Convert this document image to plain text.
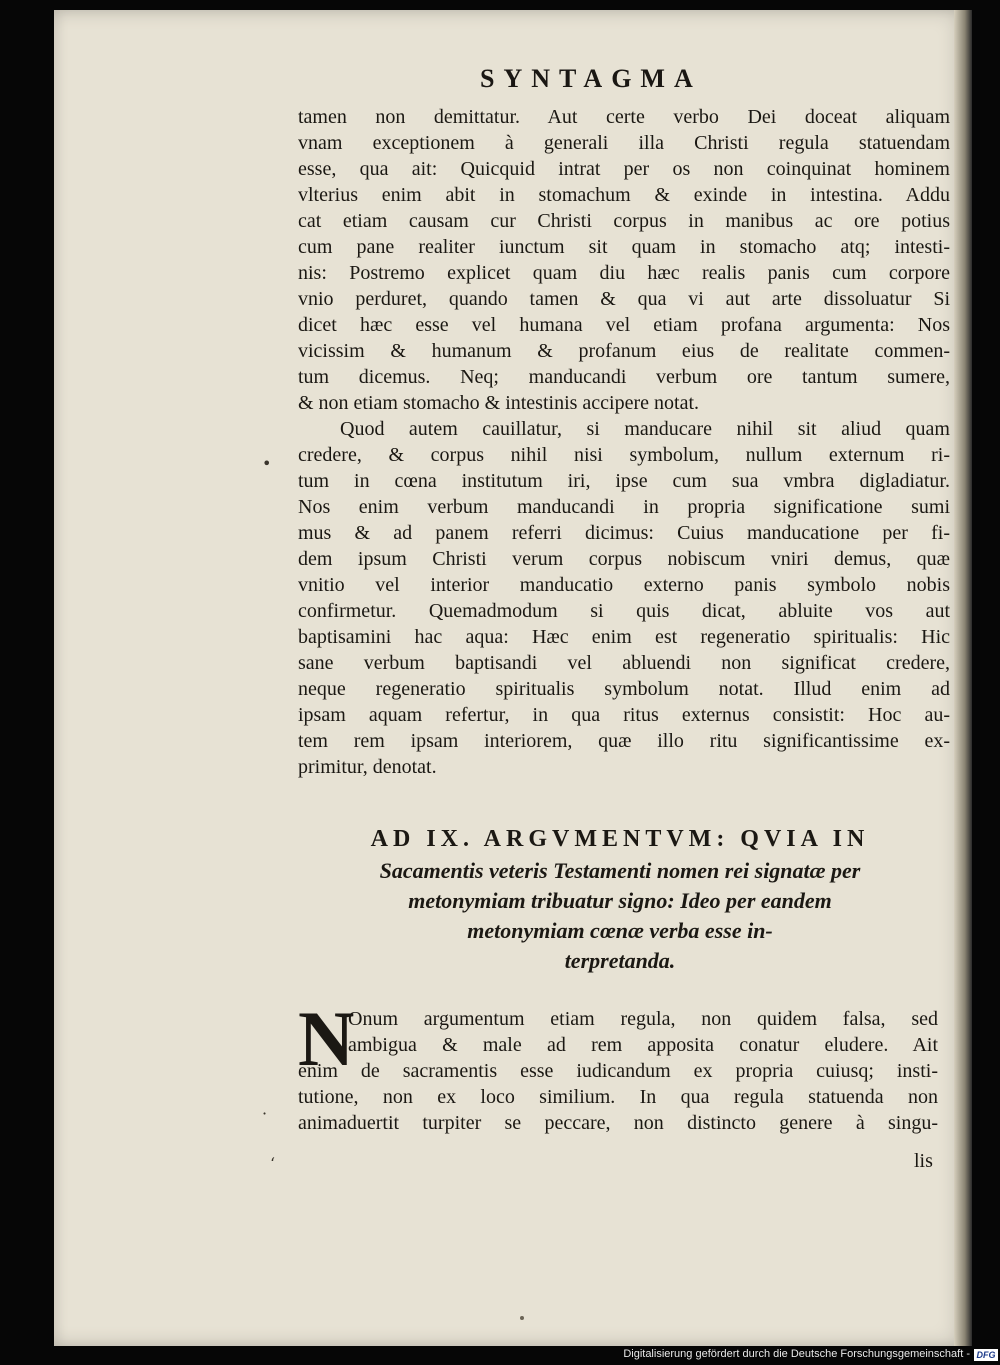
SYNTAGMA
tamen non demittatur. Aut certe verbo Dei doceat aliquam
vnam exceptionem à generali illa Christi regula statuendam
esse, qua ait: Quicquid intrat per os non coinquinat hominem
vlterius enim abit in stomachum & exinde in intestina. Addu
cat etiam causam cur Christi corpus in manibus ac ore potius
cum pane realiter iunctum sit quam in stomacho atq; intesti-
nis: Postremo explicet quam diu hæc realis panis cum corpore
vnio perduret, quando tamen & qua vi aut arte dissoluatur Si
dicet hæc esse vel humana vel etiam profana argumenta: Nos
vicissim & humanum & profanum eius de realitate commen-
tum dicemus. Neq; manducandi verbum ore tantum sumere,
& non etiam stomacho & intestinis accipere notat.
Quod autem cauillatur, si manducare nihil sit aliud quam
credere, & corpus nihil nisi symbolum, nullum externum ri-
tum in cœna institutum iri, ipse cum sua vmbra digladiatur.
Nos enim verbum manducandi in propria significatione sumi
mus & ad panem referri dicimus: Cuius manducatione per fi-
dem ipsum Christi verum corpus nobiscum vniri demus, quæ
vnitio vel interior manducatio externo panis symbolo nobis
confirmetur. Quemadmodum si quis dicat, abluite vos aut
baptisamini hac aqua: Hæc enim est regeneratio spiritualis: Hic
sane verbum baptisandi vel abluendi non significat credere,
neque regeneratio spiritualis symbolum notat. Illud enim ad
ipsam aquam refertur, in qua ritus externus consistit: Hoc au-
tem rem ipsam interiorem, quæ illo ritu significantissime ex-
primitur, denotat.
•
·
‘
AD IX. ARGVMENTVM: QVIA IN
Sacamentis veteris Testamenti nomen rei signatæ per
metonymiam tribuatur signo: Ideo per eandem
metonymiam cœnæ verba esse in-
terpretanda.
N
Onum argumentum etiam regula, non quidem falsa, sed
ambigua & male ad rem apposita conatur eludere. Ait
enim de sacramentis esse iudicandum ex propria cuiusq; insti-
tutione, non ex loco similium. In qua regula statuenda non
animaduertit turpiter se peccare, non distincto genere à singu-
lis
Digitalisierung gefördert durch die Deutsche Forschungsgemeinschaft - DFG
